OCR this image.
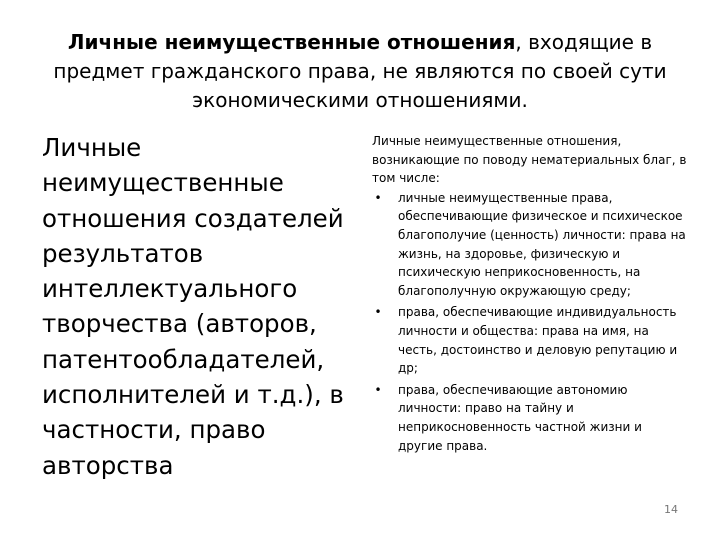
Личные неимущественные отношения, входящие в предмет гражданского права, не являются по своей сути экономическими отношениями.
Личные неимущественные отношения создателей результатов интеллектуального творчества (авторов, патентообладателей, исполнителей и т.д.), в частности, право авторства
Личные неимущественные отношения, возникающие по поводу нематериальных благ, в том числе:
• личные неимущественные права, обеспечивающие физическое и психическое благополучие (ценность) личности: права на жизнь, на здоровье, физическую и психическую неприкосновенность, на благополучную окружающую среду;
• права, обеспечивающие индивидуальность личности и общества: права на имя, на честь, достоинство и деловую репутацию и др;
• права, обеспечивающие автономию личности: право на тайну и неприкосновенность частной жизни и другие права.
14
